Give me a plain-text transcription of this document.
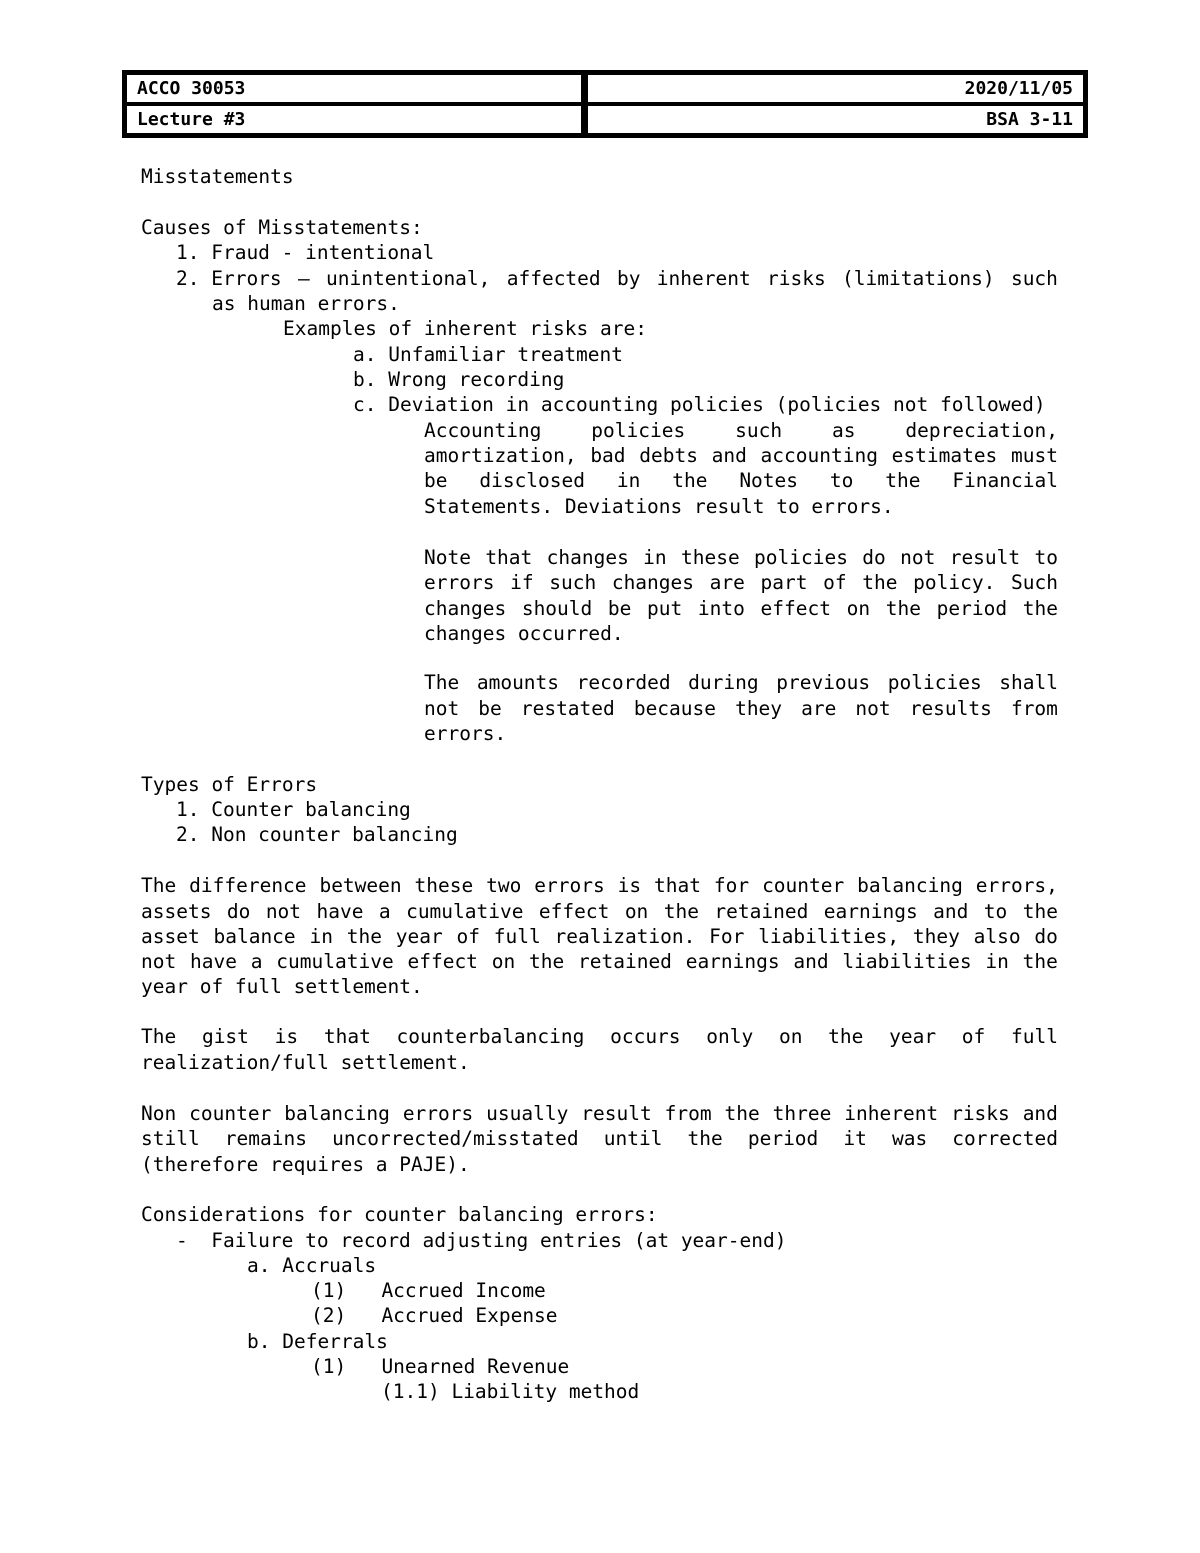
ACCO 30053	2020/11/05
Lecture #3	BSA 3-11
Misstatements
Causes of Misstatements:
1. Fraud - intentional
2. Errors – unintentional, affected by inherent risks (limitations) such
as human errors.
Examples of inherent risks are:
a. Unfamiliar treatment
b. Wrong recording
c. Deviation in accounting policies (policies not followed)
Accounting	policies	such	as	depreciation,
amortization, bad debts and accounting estimates must
be disclosed in the Notes to the Financial
Statements. Deviations result to errors.
Note that changes in these policies do not result to
errors if such changes are part of the policy. Such
changes should be put into effect on the period the
changes occurred.
The amounts recorded during previous policies shall
not be restated because they are not results from
errors.
Types of Errors
1. Counter balancing
2. Non counter balancing
The difference between these two errors is that for counter balancing errors,
assets do not have a cumulative effect on the retained earnings and to the
asset balance in the year of full realization. For liabilities, they also do
not have a cumulative effect on the retained earnings and liabilities in the
year of full settlement.
The gist is that counterbalancing occurs only on the year of full
realization/full settlement.
Non counter balancing errors usually result from the three inherent risks and
still remains uncorrected/misstated until the period it was corrected
(therefore requires a PAJE).
Considerations for counter balancing errors:
-  Failure to record adjusting entries (at year-end)
a. Accruals
(1)   Accrued Income
(2)   Accrued Expense
b. Deferrals
(1)   Unearned Revenue
(1.1) Liability method
